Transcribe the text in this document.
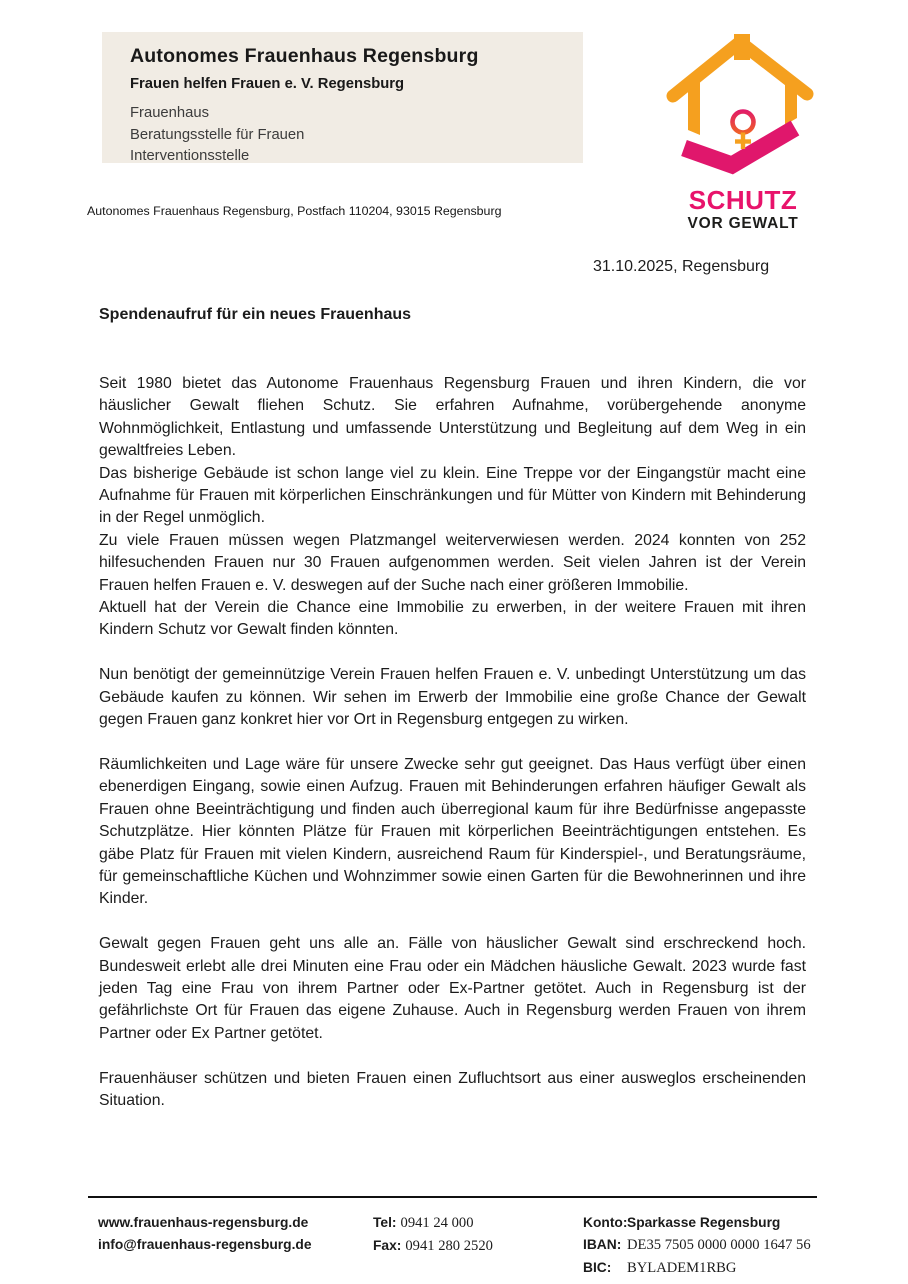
Autonomes Frauenhaus Regensburg
Frauen helfen Frauen e. V. Regensburg
Frauenhaus
Beratungsstelle für Frauen
Interventionsstelle
SCHUTZ
VOR GEWALT
Autonomes Frauenhaus Regensburg, Postfach 110204, 93015 Regensburg
31.10.2025, Regensburg
Spendenaufruf für ein neues Frauenhaus

Seit 1980 bietet das Autonome Frauenhaus Regensburg Frauen und ihren Kindern, die vor häuslicher Gewalt fliehen Schutz. Sie erfahren Aufnahme, vorübergehende anonyme Wohnmöglichkeit, Entlastung und umfassende Unterstützung und Begleitung auf dem Weg in ein gewaltfreies Leben.

Das bisherige Gebäude ist schon lange viel zu klein. Eine Treppe vor der Eingangstür macht eine Aufnahme für Frauen mit körperlichen Einschränkungen und für Mütter von Kindern mit Behinderung in der Regel unmöglich.

Zu viele Frauen müssen wegen Platzmangel weiterverwiesen werden. 2024 konnten von 252 hilfesuchenden Frauen nur 30 Frauen aufgenommen werden. Seit vielen Jahren ist der Verein Frauen helfen Frauen e. V. deswegen auf der Suche nach einer größeren Immobilie.

Aktuell hat der Verein die Chance eine Immobilie zu erwerben, in der weitere Frauen mit ihren Kindern Schutz vor Gewalt finden könnten.

Nun benötigt der gemeinnützige Verein Frauen helfen Frauen e. V. unbedingt Unterstützung um das Gebäude kaufen zu können. Wir sehen im Erwerb der Immobilie eine große Chance der Gewalt gegen Frauen ganz konkret hier vor Ort in Regensburg entgegen zu wirken.

Räumlichkeiten und Lage wäre für unsere Zwecke sehr gut geeignet. Das Haus verfügt über einen ebenerdigen Eingang, sowie einen Aufzug. Frauen mit Behinderungen erfahren häufiger Gewalt als Frauen ohne Beeinträchtigung und finden auch überregional kaum für ihre Bedürfnisse angepasste Schutzplätze. Hier könnten Plätze für Frauen mit körperlichen Beeinträchtigungen entstehen. Es gäbe Platz für Frauen mit vielen Kindern, ausreichend Raum für Kinderspiel-, und Beratungsräume, für gemeinschaftliche Küchen und Wohnzimmer sowie einen Garten für die Bewohnerinnen und ihre Kinder.

Gewalt gegen Frauen geht uns alle an. Fälle von häuslicher Gewalt sind erschreckend hoch. Bundesweit erlebt alle drei Minuten eine Frau oder ein Mädchen häusliche Gewalt. 2023 wurde fast jeden Tag eine Frau von ihrem Partner oder Ex-Partner getötet. Auch in Regensburg ist der gefährlichste Ort für Frauen das eigene Zuhause. Auch in Regensburg werden Frauen von ihrem Partner oder Ex Partner getötet.

Frauenhäuser schützen und bieten Frauen einen Zufluchtsort aus einer ausweglos erscheinenden Situation.

www.frauenhaus-regensburg.de
info@frauenhaus-regensburg.de
Tel: 0941 24 000
Fax: 0941 280 2520
Konto:Sparkasse Regensburg
IBAN: DE35 7505 0000 0000 1647 56
BIC: BYLADEM1RBG
